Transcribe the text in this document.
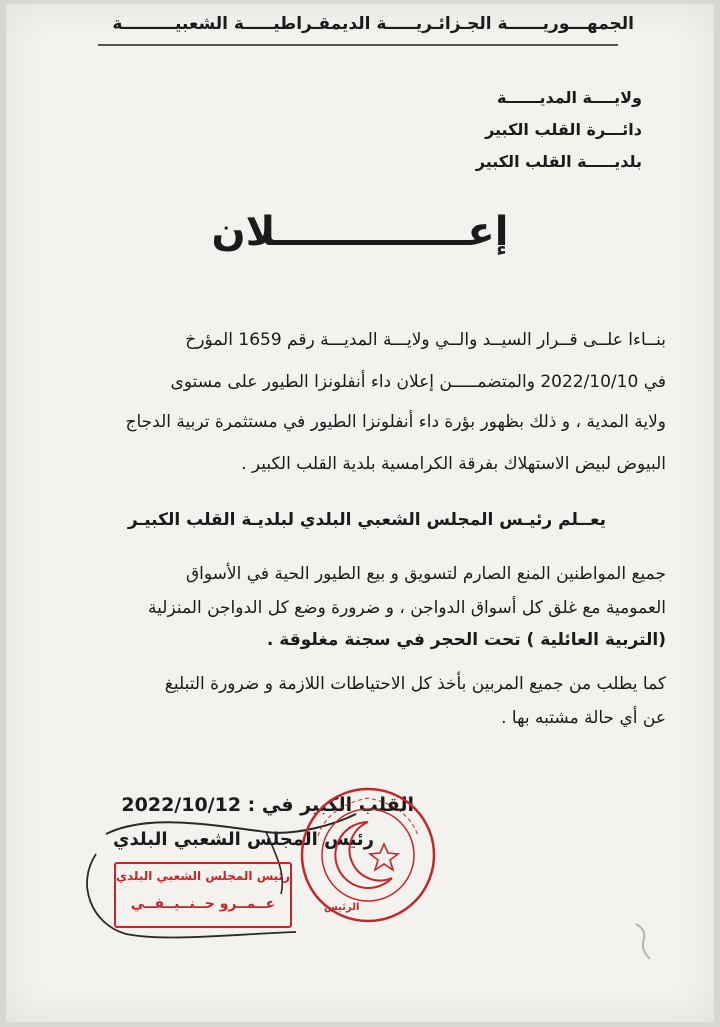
الجمهـــوريــــــة الجـزائـريـــــة الديمقـراطيـــــة الشعبيـــــــــة
ولايــــة المديــــــة
دائـــرة القلب الكبير
بلديـــــة القلب الكبير
إعــــــــــــــلان
بنــاءا علــى قــرار السيــد والــي ولايـــة المديـــة رقم 1659 المؤرخ
في 2022/10/10 والمتضمـــــن إعلان داء أنفلونزا الطيور على مستوى
ولاية المدية ، و ذلك بظهور بؤرة داء أنفلونزا الطيور في مستثمرة تربية الدجاج
البيوض لبيض الاستهلاك بفرقة الكرامسية بلدية القلب الكبير .
يعــلم رئيـس المجلس الشعبي البلدي لبلديـة القلب الكبيـر
جميع المواطنين المنع الصارم لتسويق و بيع الطيور الحية في الأسواق
العمومية مع غلق كل أسواق الدواجن ، و ضرورة وضع كل الدواجن المنزلية
(التربية العائلية ) تحت الحجر في سجنة مغلوقة .
كما يطلب من جميع المربين بأخذ كل الاحتياطات اللازمة و ضرورة التبليغ
عن أي حالة مشتبه بها .
القلب الكبير في : 2022/10/12
رئيس المجلس الشعبي البلدي
رئيس المجلس الشعبي البلدي
عــمــرو حــنــيــفــي	الرئيس
